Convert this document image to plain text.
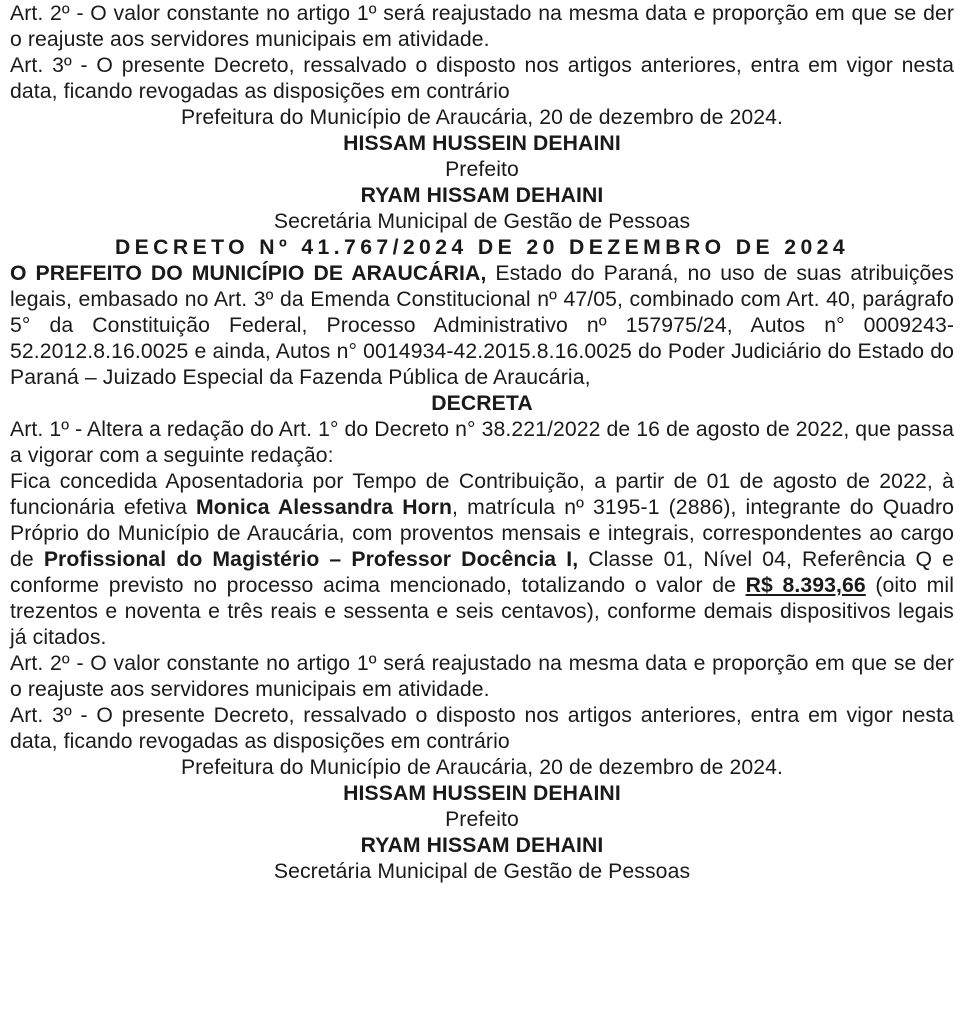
Art. 2º - O valor constante no artigo 1º será reajustado na mesma data e proporção em que se der o reajuste aos servidores municipais em atividade.

Art. 3º - O presente Decreto, ressalvado o disposto nos artigos anteriores, entra em vigor nesta data, ficando revogadas as disposições em contrário

Prefeitura do Município de Araucária, 20 de dezembro de 2024.

HISSAM HUSSEIN DEHAINI

Prefeito

RYAM HISSAM DEHAINI

Secretária Municipal de Gestão de Pessoas

DECRETO Nº 41.767/2024 DE 20 DEZEMBRO DE 2024

O PREFEITO DO MUNICÍPIO DE ARAUCÁRIA, Estado do Paraná, no uso de suas atribuições legais, embasado no Art. 3º da Emenda Constitucional nº 47/05, combinado com Art. 40, parágrafo 5° da Constituição Federal, Processo Administrativo nº 157975/24, Autos n° 0009243-52.2012.8.16.0025 e ainda, Autos n° 0014934-42.2015.8.16.0025 do Poder Judiciário do Estado do Paraná – Juizado Especial da Fazenda Pública de Araucária,

DECRETA

Art. 1º - Altera a redação do Art. 1° do Decreto n° 38.221/2022 de 16 de agosto de 2022, que passa a vigorar com a seguinte redação:

Fica concedida Aposentadoria por Tempo de Contribuição, a partir de 01 de agosto de 2022, à funcionária efetiva Monica Alessandra Horn, matrícula nº 3195-1 (2886), integrante do Quadro Próprio do Município de Araucária, com proventos mensais e integrais, correspondentes ao cargo de Profissional do Magistério – Professor Docência I, Classe 01, Nível 04, Referência Q e conforme previsto no processo acima mencionado, totalizando o valor de R$ 8.393,66 (oito mil trezentos e noventa e três reais e sessenta e seis centavos), conforme demais dispositivos legais já citados.

Art. 2º - O valor constante no artigo 1º será reajustado na mesma data e proporção em que se der o reajuste aos servidores municipais em atividade.

Art. 3º - O presente Decreto, ressalvado o disposto nos artigos anteriores, entra em vigor nesta data, ficando revogadas as disposições em contrário

Prefeitura do Município de Araucária, 20 de dezembro de 2024.

HISSAM HUSSEIN DEHAINI

Prefeito

RYAM HISSAM DEHAINI

Secretária Municipal de Gestão de Pessoas
